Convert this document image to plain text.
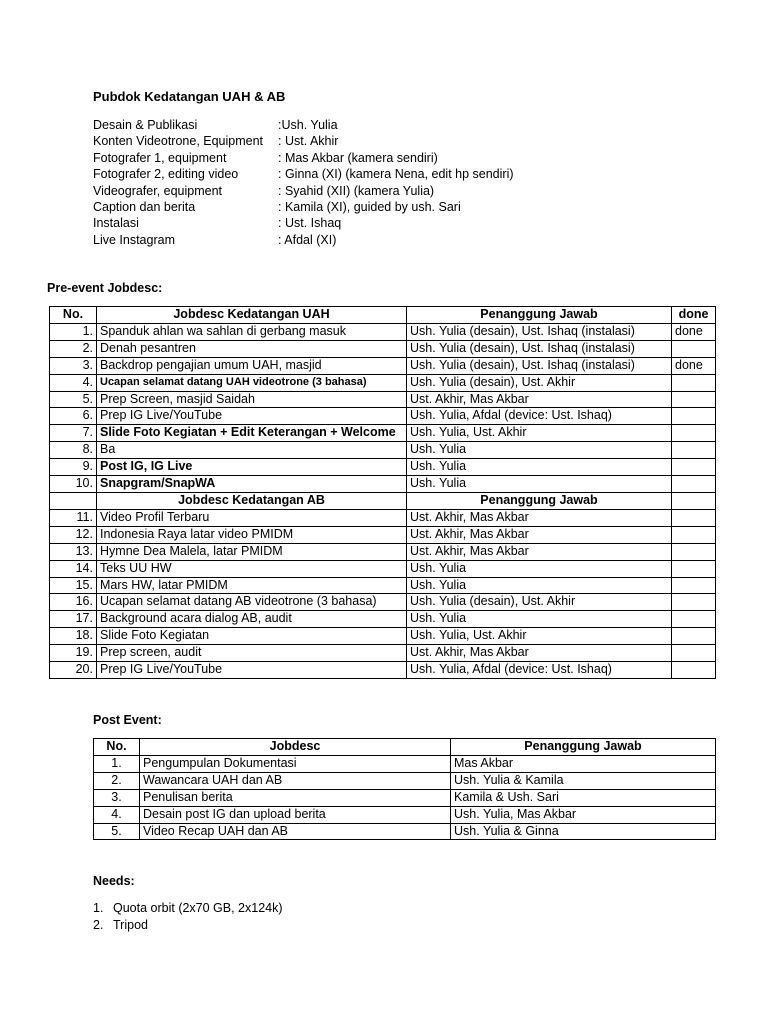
Pubdok Kedatangan UAH & AB
Desain & Publikasi	:Ush. Yulia
Konten Videotrone, Equipment : Ust. Akhir
Fotografer 1, equipment	: Mas Akbar (kamera sendiri)
Fotografer 2, editing video	: Ginna (XI) (kamera Nena, edit hp sendiri)
Videografer, equipment	: Syahid (XII) (kamera Yulia)
Caption dan berita	: Kamila (XI), guided by ush. Sari
Instalasi	: Ust. Ishaq
Live Instagram	: Afdal (XI)
Pre-event Jobdesc:
No.	Jobdesc Kedatangan UAH	Penanggung Jawab	done
1.	Spanduk ahlan wa sahlan di gerbang masuk	Ush. Yulia (desain), Ust. Ishaq (instalasi)	done
2.	Denah pesantren	Ush. Yulia (desain), Ust. Ishaq (instalasi)	
3.	Backdrop pengajian umum UAH, masjid	Ush. Yulia (desain), Ust. Ishaq (instalasi)	done
4.	Ucapan selamat datang UAH videotrone (3 bahasa)	Ush. Yulia (desain), Ust. Akhir	
5.	Prep Screen, masjid Saidah	Ust. Akhir, Mas Akbar	
6.	Prep IG Live/YouTube	Ush. Yulia, Afdal (device: Ust. Ishaq)	
7.	Slide Foto Kegiatan + Edit Keterangan + Welcome	Ush. Yulia, Ust. Akhir	
8.	Ba	Ush. Yulia	
9.	Post IG, IG Live	Ush. Yulia	
10.	Snapgram/SnapWA	Ush. Yulia	
	Jobdesc Kedatangan AB	Penanggung Jawab	
11.	Video Profil Terbaru	Ust. Akhir, Mas Akbar	
12.	Indonesia Raya latar video PMIDM	Ust. Akhir, Mas Akbar	
13.	Hymne Dea Malela, latar PMIDM	Ust. Akhir, Mas Akbar	
14.	Teks UU HW	Ush. Yulia	
15.	Mars HW, latar PMIDM	Ush. Yulia	
16.	Ucapan selamat datang AB videotrone (3 bahasa)	Ush. Yulia (desain), Ust. Akhir	
17.	Background acara dialog AB, audit	Ush. Yulia	
18.	Slide Foto Kegiatan	Ush. Yulia, Ust. Akhir	
19.	Prep screen, audit	Ust. Akhir, Mas Akbar	
20.	Prep IG Live/YouTube	Ush. Yulia, Afdal (device: Ust. Ishaq)	
Post Event:
No.	Jobdesc	Penanggung Jawab
1.	Pengumpulan Dokumentasi	Mas Akbar
2.	Wawancara UAH dan AB	Ush. Yulia & Kamila
3.	Penulisan berita	Kamila & Ush. Sari
4.	Desain post IG dan upload berita	Ush. Yulia, Mas Akbar
5.	Video Recap UAH dan AB	Ush. Yulia & Ginna
Needs:
1. Quota orbit (2x70 GB, 2x124k)
2. Tripod
